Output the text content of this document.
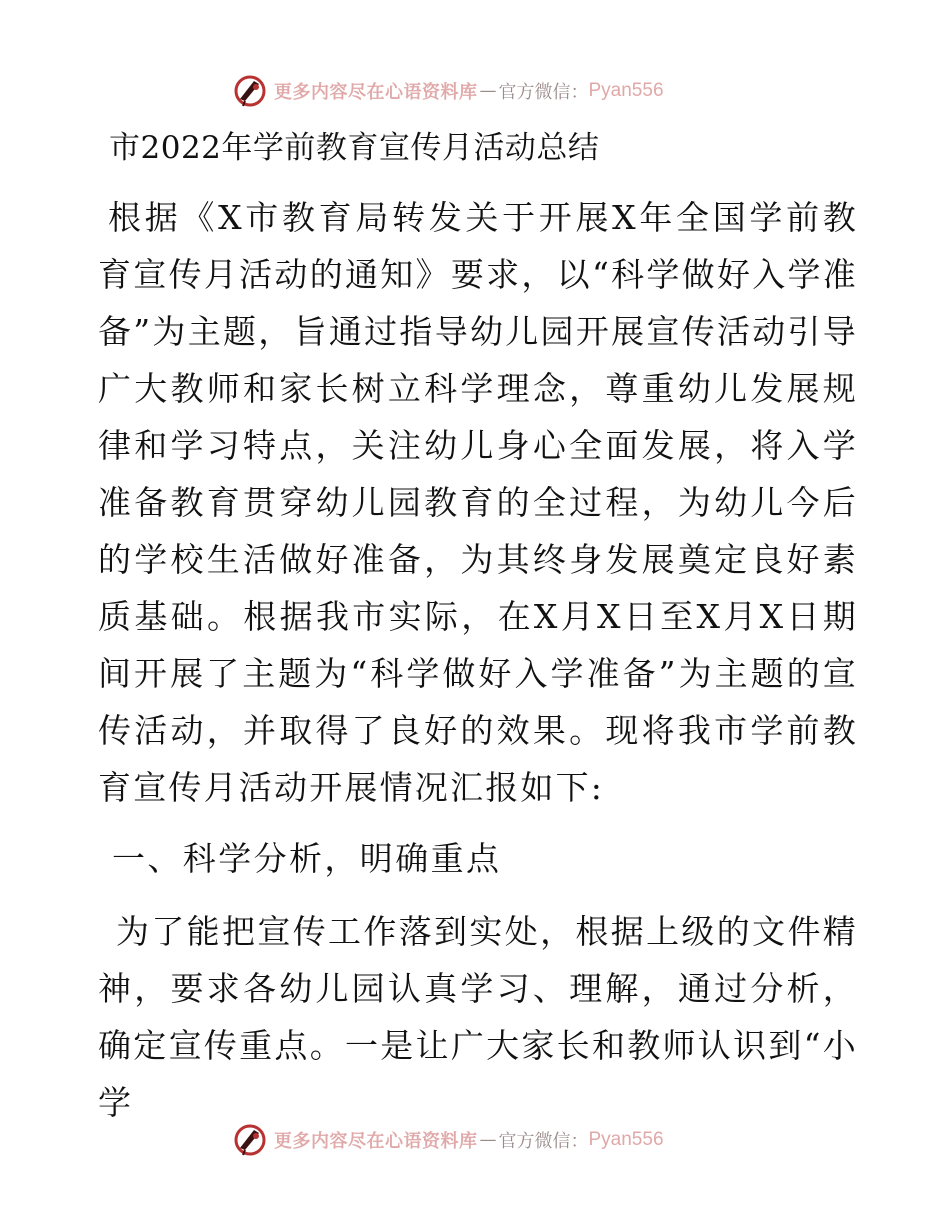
更多内容尽在心语资料库 — 官方微信： Pyan556

市2022年学前教育宣传月活动总结

根据《X市教育局转发关于开展X年全国学前教育宣传月活动的通知》要求，以“科学做好入学准备”为主题，旨通过指导幼儿园开展宣传活动引导广大教师和家长树立科学理念，尊重幼儿发展规律和学习特点，关注幼儿身心全面发展，将入学准备教育贯穿幼儿园教育的全过程，为幼儿今后的学校生活做好准备，为其终身发展奠定良好素质基础。根据我市实际，在X月X日至X月X日期间开展了主题为“科学做好入学准备”为主题的宣传活动，并取得了良好的效果。现将我市学前教育宣传月活动开展情况汇报如下:

一、科学分析，明确重点

为了能把宣传工作落到实处，根据上级的文件精神，要求各幼儿园认真学习、理解，通过分析，确定宣传重点。一是让广大家长和教师认识到“小学

更多内容尽在心语资料库 — 官方微信： Pyan556
